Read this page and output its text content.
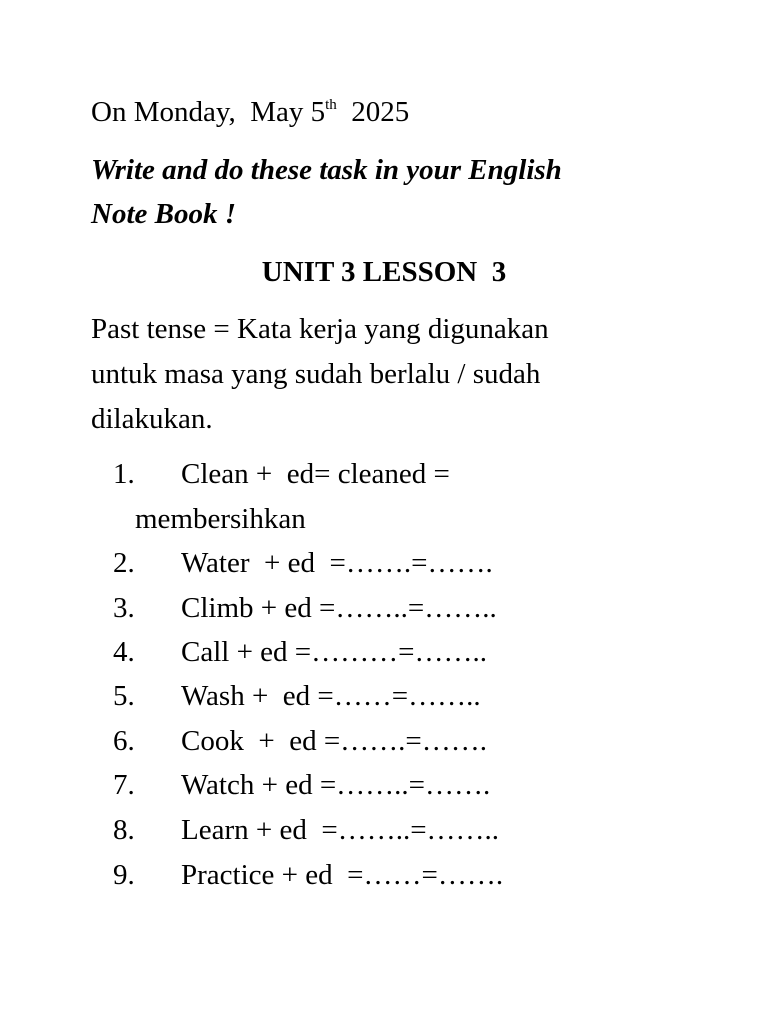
On Monday,  May 5th  2025
Write and do these task in your English
Note Book !
UNIT 3 LESSON  3
Past tense = Kata kerja yang digunakan
untuk masa yang sudah berlalu / sudah
dilakukan.
1. Clean +  ed= cleaned =
membersihkan
2. Water  + ed  =…….=…….
3. Climb + ed =……..=……..
4. Call + ed =………=……..
5. Wash +  ed =……=……..
6. Cook  +  ed =…….=…….
7. Watch + ed =……..=…….
8. Learn + ed  =……..=……..
9. Practice + ed  =……=…….
